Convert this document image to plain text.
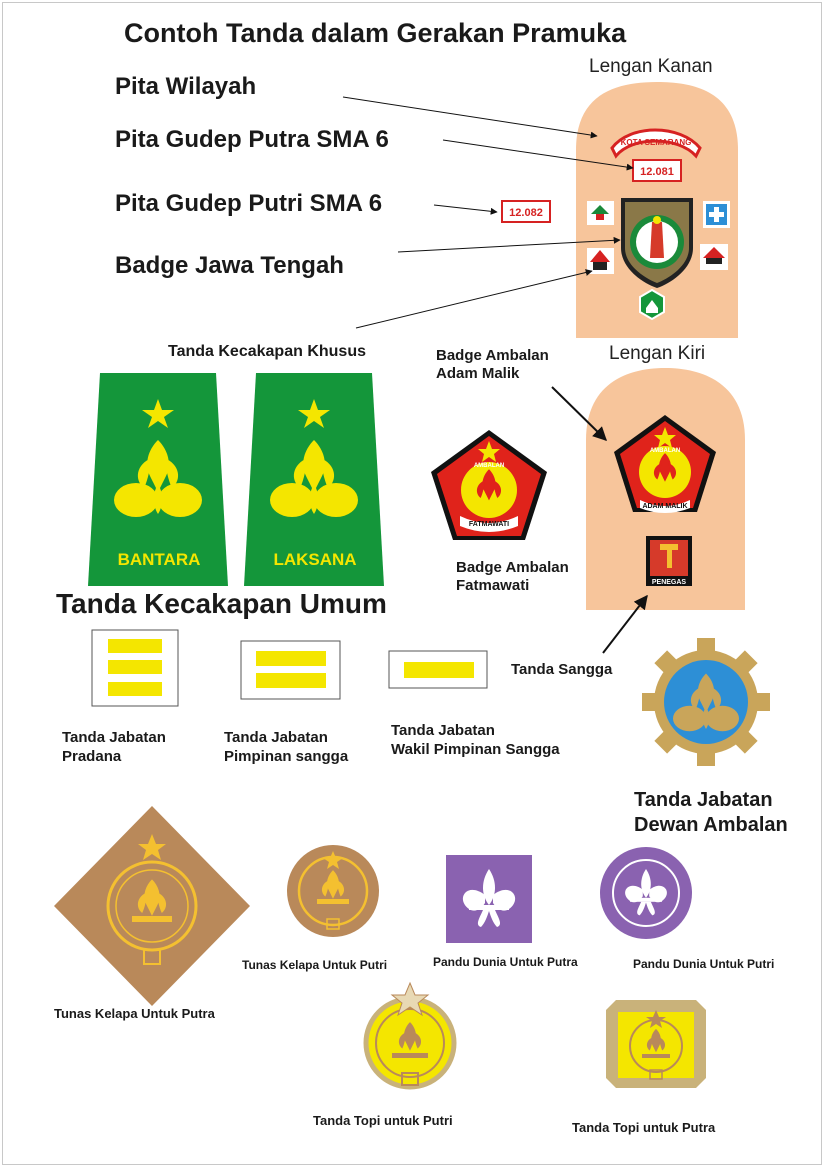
Contoh Tanda dalam Gerakan Pramuka
Lengan Kanan
Lengan Kiri
Pita Wilayah
Pita Gudep Putra SMA 6
Pita Gudep Putri SMA 6
Badge Jawa Tengah
Tanda Kecakapan Khusus	Badge Ambalan
Adam Malik
Badge Ambalan
Fatmawati
Tanda Kecakapan Umum
Tanda Jabatan
Pradana
Tanda Jabatan
Pimpinan sangga
Tanda Jabatan
Wakil Pimpinan Sangga
Tanda Sangga
Tanda Jabatan
Dewan Ambalan
Tunas Kelapa Untuk Putra
Tunas Kelapa Untuk Putri	Pandu Dunia Untuk Putra	Pandu Dunia Untuk Putri
Tanda Topi untuk Putri	Tanda Topi untuk Putra
KOTA SEMARANG
12.081
12.082
AMBALAN
ADAM MALIK
PENEGAS
AMBALAN
FATMAWATI
BANTARA	LAKSANA
